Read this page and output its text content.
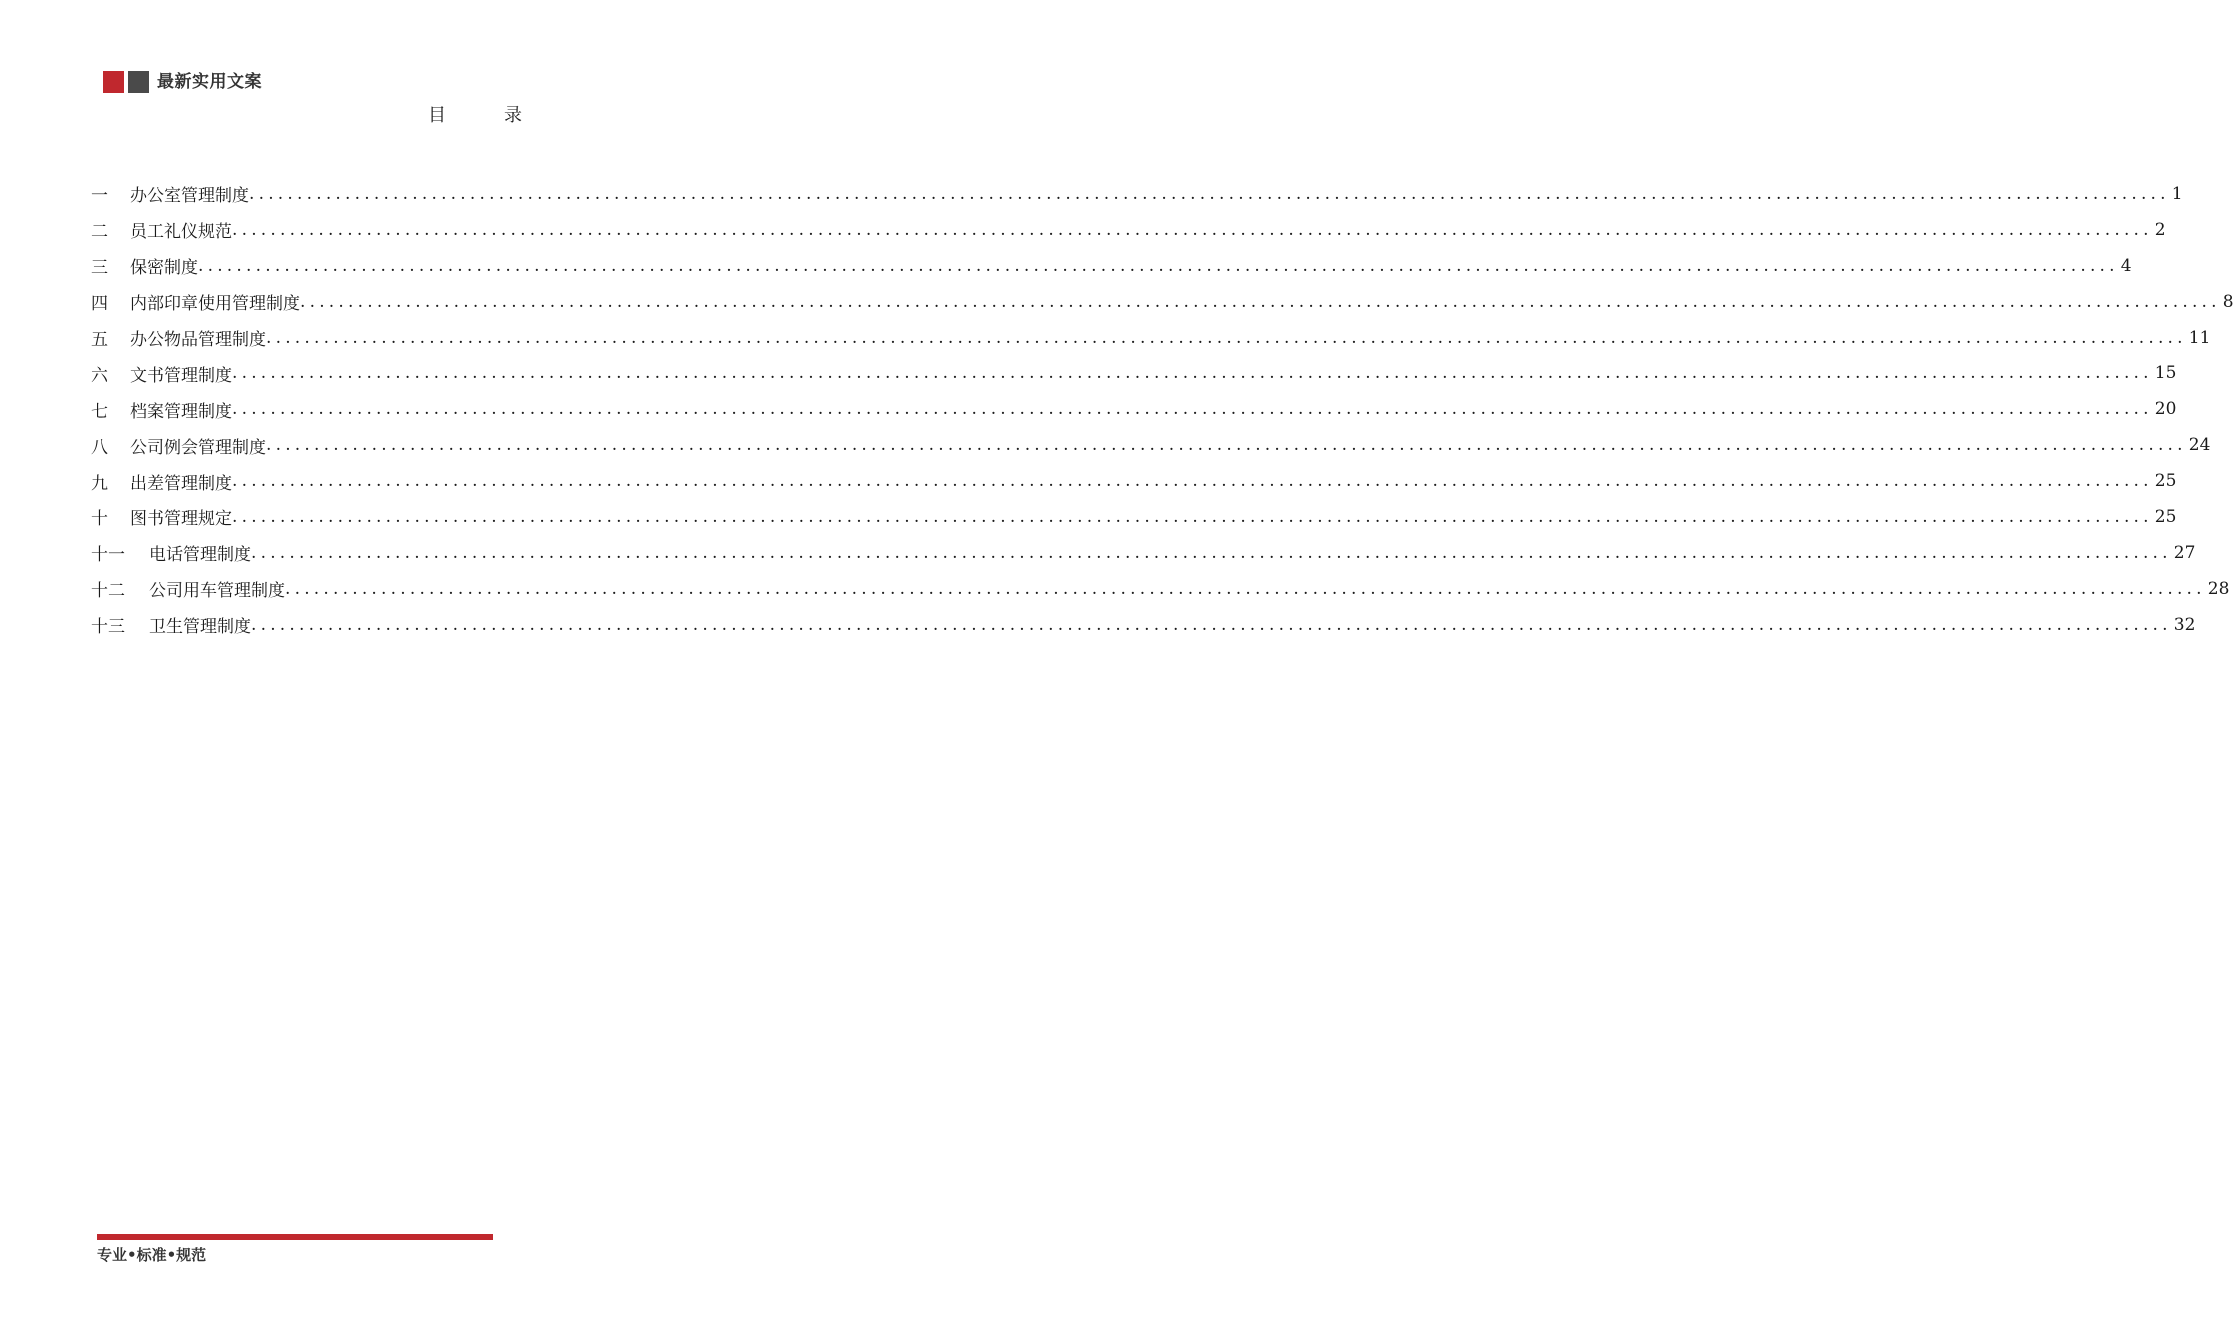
最新实用文案
目	录
一	办公室管理制度 ........................................................................................................................................................................................................ 1
二	员工礼仪规范 ........................................................................................................................................................................................................ 2
三	保密制度 ........................................................................................................................................................................................................ 4
四	内部印章使用管理制度 ........................................................................................................................................................................................................ 8
五	办公物品管理制度 ........................................................................................................................................................................................................ 11
六	文书管理制度 ........................................................................................................................................................................................................ 15
七	档案管理制度 ........................................................................................................................................................................................................ 20
八	公司例会管理制度 ........................................................................................................................................................................................................ 24
九	出差管理制度 ........................................................................................................................................................................................................ 25
十	图书管理规定 ........................................................................................................................................................................................................ 25
十一	电话管理制度 ........................................................................................................................................................................................................ 27
十二	公司用车管理制度 ........................................................................................................................................................................................................ 28
十三	卫生管理制度 ........................................................................................................................................................................................................ 32
专业•标准•规范
